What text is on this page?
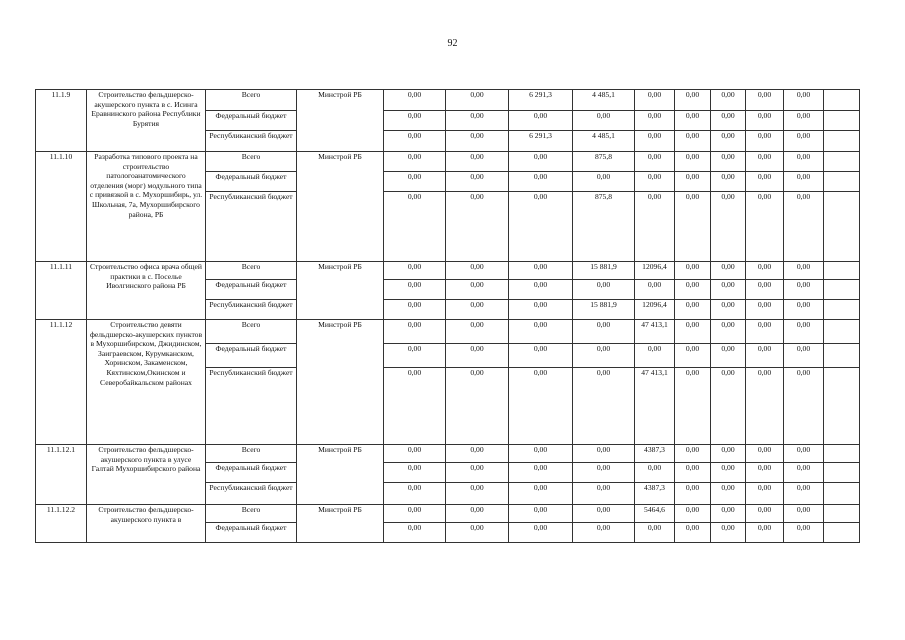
92
11.1.9	Строительство фельдшерско-акушерского пункта в с. Исинга Еравнинского района Республики Бурятия	Всего	Минстрой РБ	0,00	0,00	6 291,3	4 485,1	0,00	0,00	0,00	0,00	0,00	
		Федеральный бюджет		0,00	0,00	0,00	0,00	0,00	0,00	0,00	0,00	0,00	
		Республиканский бюджет		0,00	0,00	6 291,3	4 485,1	0,00	0,00	0,00	0,00	0,00	
11.1.10	Разработка типового проекта на строительство патологоанатомического отделения (морг) модульного типа с привязкой в с. Мухоршибирь, ул. Школьная, 7а, Мухоршибирского района, РБ	Всего	Минстрой РБ	0,00	0,00	0,00	875,8	0,00	0,00	0,00	0,00	0,00	
		Федеральный бюджет		0,00	0,00	0,00	0,00	0,00	0,00	0,00	0,00	0,00	
		Республиканский бюджет		0,00	0,00	0,00	875,8	0,00	0,00	0,00	0,00	0,00	
11.1.11	Строительство офиса врача общей практики в с. Поселье Иволгинского района РБ	Всего	Минстрой РБ	0,00	0,00	0,00	15 881,9	12096,4	0,00	0,00	0,00	0,00	
		Федеральный бюджет		0,00	0,00	0,00	0,00	0,00	0,00	0,00	0,00	0,00	
		Республиканский бюджет		0,00	0,00	0,00	15 881,9	12096,4	0,00	0,00	0,00	0,00	
11.1.12	Строительство девяти фельдшерско-акушерских пунктов в Мухоршибирском, Джидинском, Заиграевском, Курумканском, Хоринском, Закаменском, Кяхтинском,Окинском и Северобайкальском районах	Всего	Минстрой РБ	0,00	0,00	0,00	0,00	47 413,1	0,00	0,00	0,00	0,00	
		Федеральный бюджет		0,00	0,00	0,00	0,00	0,00	0,00	0,00	0,00	0,00	
		Республиканский бюджет		0,00	0,00	0,00	0,00	47 413,1	0,00	0,00	0,00	0,00	
11.1.12.1	Строительство фельдшерско-акушерского пункта в улусе Галтай Мухоршибирского района	Всего	Минстрой РБ	0,00	0,00	0,00	0,00	4387,3	0,00	0,00	0,00	0,00	
		Федеральный бюджет		0,00	0,00	0,00	0,00	0,00	0,00	0,00	0,00	0,00	
		Республиканский бюджет		0,00	0,00	0,00	0,00	4387,3	0,00	0,00	0,00	0,00	
11.1.12.2	Строительство фельдшерско-акушерского пункта в	Всего	Минстрой РБ	0,00	0,00	0,00	0,00	5464,6	0,00	0,00	0,00	0,00	
		Федеральный бюджет		0,00	0,00	0,00	0,00	0,00	0,00	0,00	0,00	0,00	
